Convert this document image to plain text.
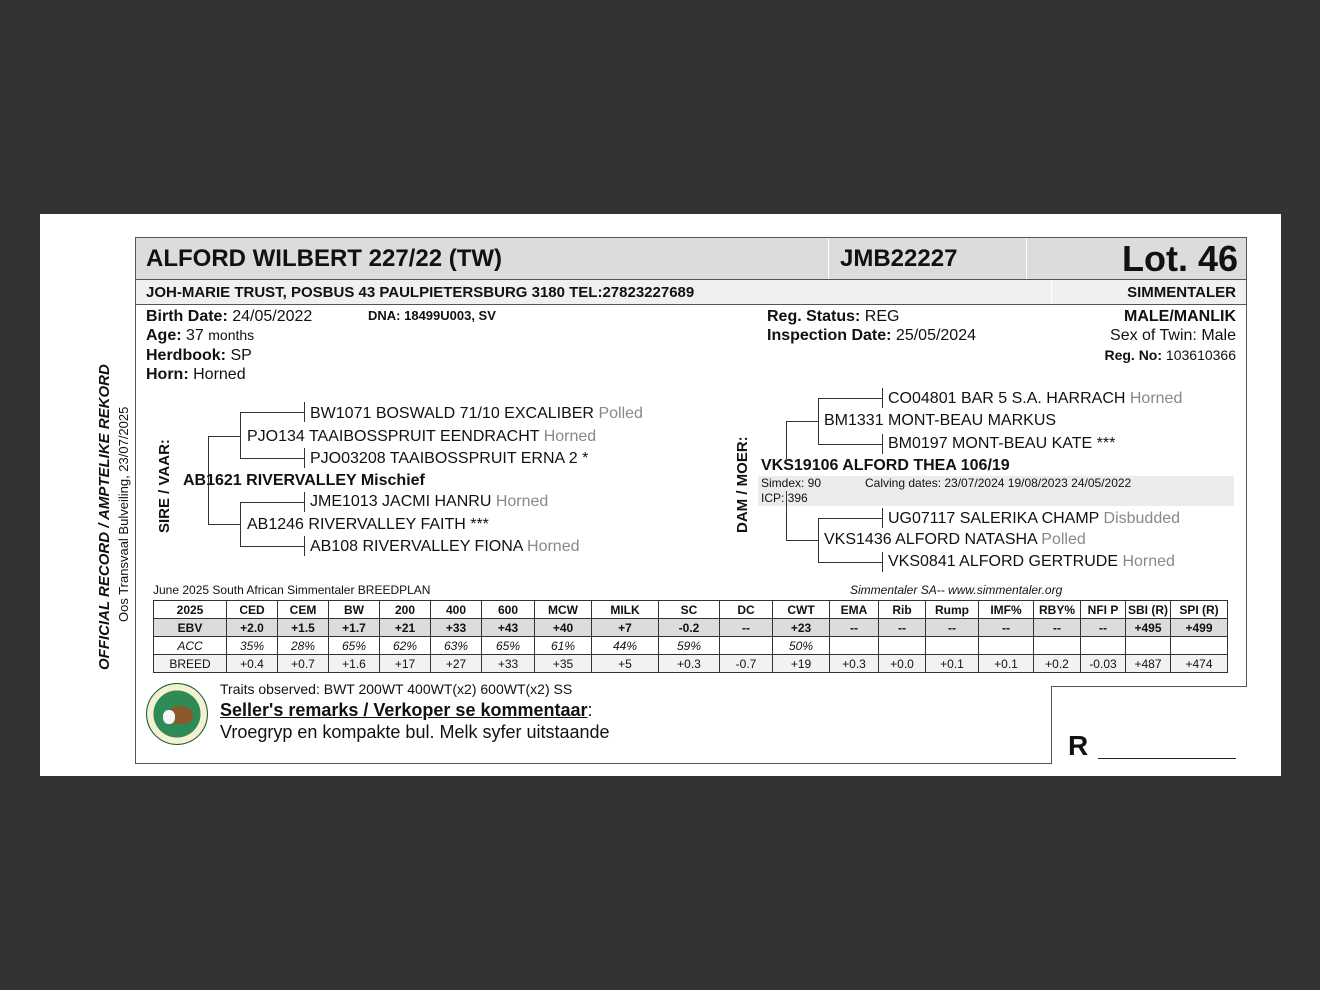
ALFORD WILBERT 227/22 (TW)	JMB22227	Lot. 46
JOH-MARIE TRUST, POSBUS 43 PAULPIETERSBURG 3180 TEL:27823227689	SIMMENTALER
Birth Date: 24/05/2022	DNA: 18499U003, SV
Age: 37 months
Herdbook: SP
Horn: Horned
Reg. Status: REG
Inspection Date: 25/05/2024
MALE/MANLIK
Sex of Twin: Male
Reg. No: 103610366
OFFICIAL RECORD / AMPTELIKE REKORD Oos Transvaal Bulveiling, 23/07/2025 SIRE / VAAR:	DAM / MOER:
BW1071 BOSWALD 71/10 EXCALIBER Polled
PJO134 TAAIBOSSPRUIT EENDRACHT Horned
PJO03208 TAAIBOSSPRUIT ERNA 2 *
AB1621 RIVERVALLEY Mischief
JME1013 JACMI HANRU Horned
AB1246 RIVERVALLEY FAITH ***
AB108 RIVERVALLEY FIONA Horned
CO04801 BAR 5 S.A. HARRACH Horned
BM1331 MONT-BEAU MARKUS
BM0197 MONT-BEAU KATE ***
VKS19106 ALFORD THEA 106/19
Simdex: 90	Calving dates: 23/07/2024 19/08/2023 24/05/2022
ICP: 396
UG07117 SALERIKA CHAMP Disbudded
VKS1436 ALFORD NATASHA Polled
VKS0841 ALFORD GERTRUDE Horned
June 2025 South African Simmentaler BREEDPLAN	Simmentaler SA-- www.simmentaler.org
2025	CED	CEM	BW	200	400	600	MCW	MILK	SC	DC	CWT	EMA	Rib	Rump	IMF%	RBY%	NFI P	SBI (R)	SPI (R)
EBV	+2.0	+1.5	+1.7	+21	+33	+43	+40	+7	-0.2	--	+23	--	--	--	--	--	--	+495	+499
ACC	35%	28%	65%	62%	63%	65%	61%	44%	59%		50%								
BREED	+0.4	+0.7	+1.6	+17	+27	+33	+35	+5	+0.3	-0.7	+19	+0.3	+0.0	+0.1	+0.1	+0.2	-0.03	+487	+474
Traits observed: BWT 200WT 400WT(x2) 600WT(x2) SS
Seller's remarks / Verkoper se kommentaar:
Vroegryp en kompakte bul. Melk syfer uitstaande	R
